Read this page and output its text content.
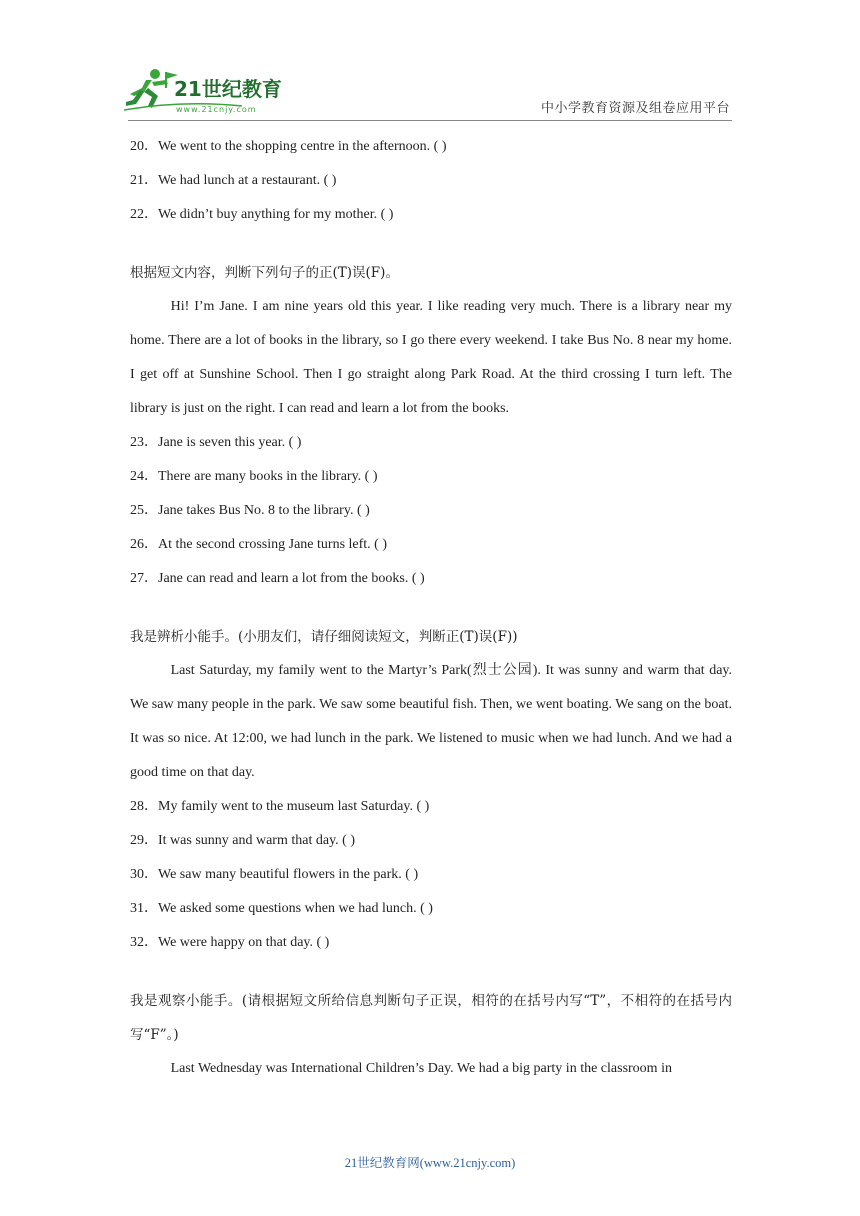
21世纪教育
www.21cnjy.com	中小学教育资源及组卷应用平台
20．We went to the shopping centre in the afternoon. ( )
21．We had lunch at a restaurant. ( )
22．We didn’t buy anything for my mother. ( )
根据短文内容，判断下列句子的正(T)误(F)。
Hi! I’m Jane. I am nine years old this year. I like reading very much. There is a library near my home. There are a lot of books in the library, so I go there every weekend. I take Bus No. 8 near my home. I get off at Sunshine School. Then I go straight along Park Road. At the third crossing I turn left. The library is just on the right. I can read and learn a lot from the books.
23．Jane is seven this year. ( )
24．There are many books in the library. ( )
25．Jane takes Bus No. 8 to the library. ( )
26．At the second crossing Jane turns left. ( )
27．Jane can read and learn a lot from the books. ( )
我是辨析小能手。(小朋友们，请仔细阅读短文，判断正(T)误(F))
Last Saturday, my family went to the Martyr’s Park(烈士公园). It was sunny and warm that day. We saw many people in the park. We saw some beautiful fish. Then, we went boating. We sang on the boat. It was so nice. At 12:00, we had lunch in the park. We listened to music when we had lunch. And we had a good time on that day.
28．My family went to the museum last Saturday. ( )
29．It was sunny and warm that day. ( )
30．We saw many beautiful flowers in the park. ( )
31．We asked some questions when we had lunch. ( )
32．We were happy on that day. ( )
我是观察小能手。(请根据短文所给信息判断句子正误，相符的在括号内写“T”，不相符的在括号内写“F”。)
Last Wednesday was International Children’s Day. We had a big party in the classroom in
21世纪教育网(www.21cnjy.com)
